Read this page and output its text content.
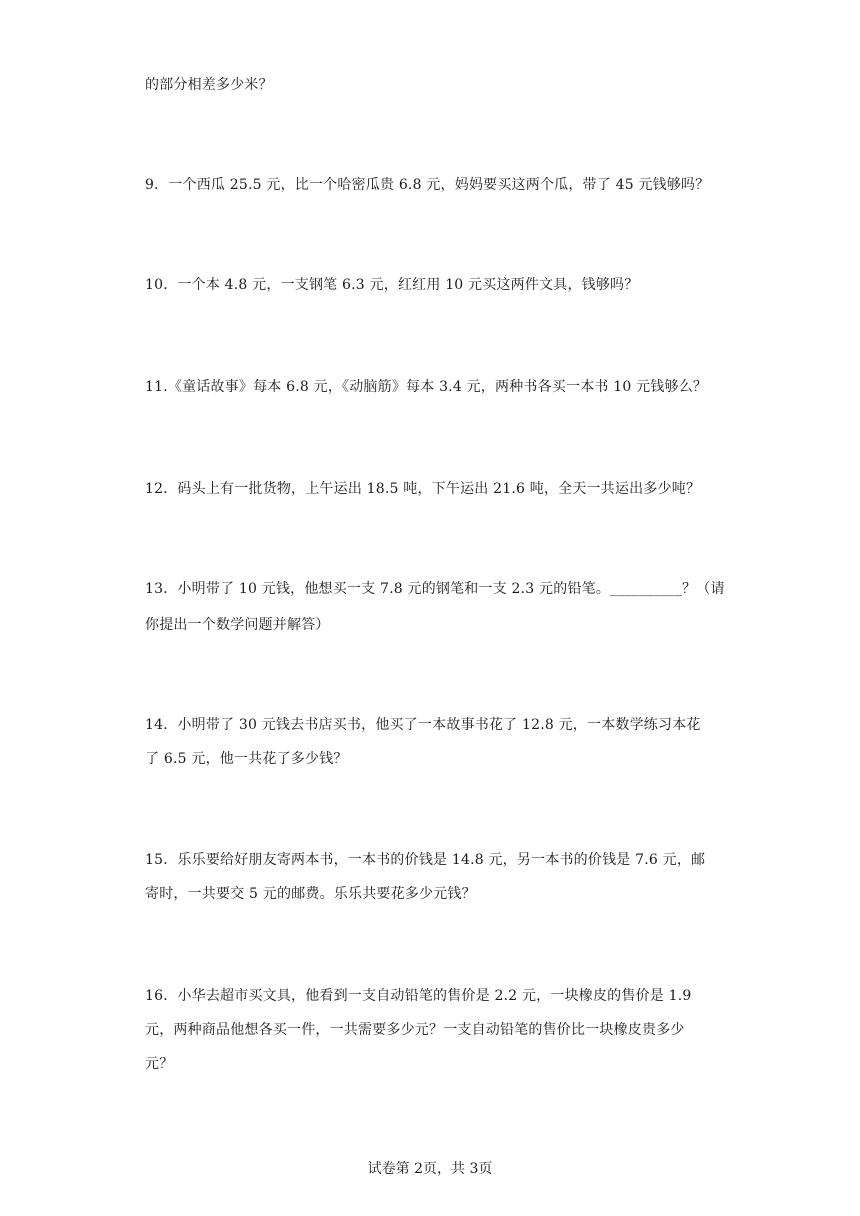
的部分相差多少米？
9．一个西瓜 25.5 元，比一个哈密瓜贵 6.8 元，妈妈要买这两个瓜，带了 45 元钱够吗？
10．一个本 4.8 元，一支钢笔 6.3 元，红红用 10 元买这两件文具，钱够吗？
11.《童话故事》每本 6.8 元，《动脑筋》每本 3.4 元，两种书各买一本书 10 元钱够么？
12．码头上有一批货物，上午运出 18.5 吨，下午运出 21.6 吨，全天一共运出多少吨？
13．小明带了 10 元钱，他想买一支 7.8 元的钢笔和一支 2.3 元的铅笔。__________？（请
你提出一个数学问题并解答）
14．小明带了 30 元钱去书店买书，他买了一本故事书花了 12.8 元，一本数学练习本花
了 6.5 元，他一共花了多少钱？
15．乐乐要给好朋友寄两本书，一本书的价钱是 14.8 元，另一本书的价钱是 7.6 元，邮
寄时，一共要交 5 元的邮费。乐乐共要花多少元钱？
16．小华去超市买文具，他看到一支自动铅笔的售价是 2.2 元，一块橡皮的售价是 1.9
元，两种商品他想各买一件，一共需要多少元？一支自动铅笔的售价比一块橡皮贵多少
元？
试卷第 2页，共 3页
